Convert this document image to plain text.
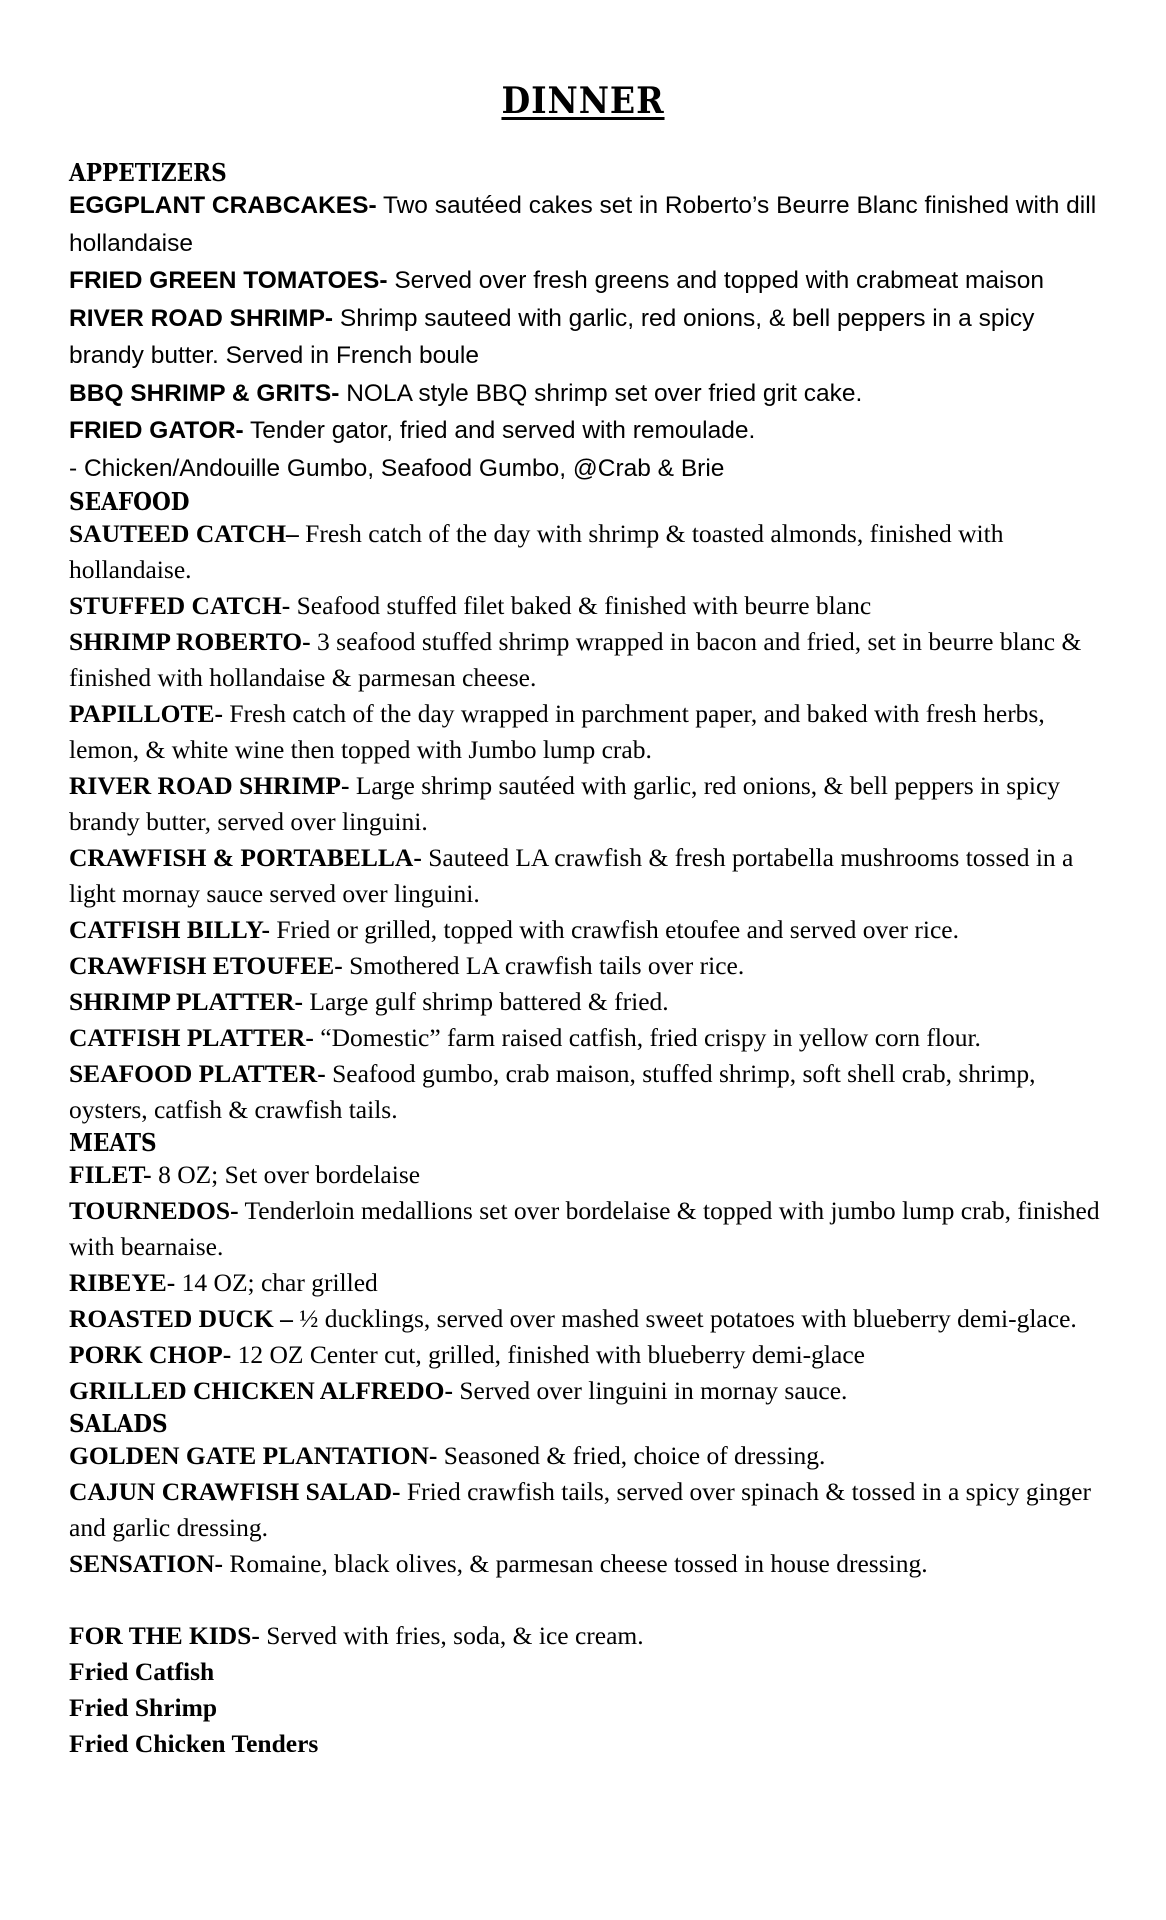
DINNER
APPETIZERS

EGGPLANT CRABCAKES- Two sautéed cakes set in Roberto’s Beurre Blanc finished with dill hollandaise

FRIED GREEN TOMATOES- Served over fresh greens and topped with crabmeat maison

RIVER ROAD SHRIMP- Shrimp sauteed with garlic, red onions, & bell peppers in a spicy brandy butter. Served in French boule

BBQ SHRIMP & GRITS- NOLA style BBQ shrimp set over fried grit cake.

FRIED GATOR- Tender gator, fried and served with remoulade.

- Chicken/Andouille Gumbo, Seafood Gumbo, @Crab & Brie

SEAFOOD

SAUTEED CATCH– Fresh catch of the day with shrimp & toasted almonds, finished with hollandaise.

STUFFED CATCH- Seafood stuffed filet baked & finished with beurre blanc

SHRIMP ROBERTO- 3 seafood stuffed shrimp wrapped in bacon and fried, set in beurre blanc & finished with hollandaise & parmesan cheese.

PAPILLOTE- Fresh catch of the day wrapped in parchment paper, and baked with fresh herbs, lemon, & white wine then topped with Jumbo lump crab.

RIVER ROAD SHRIMP- Large shrimp sautéed with garlic, red onions, & bell peppers in spicy brandy butter, served over linguini.

CRAWFISH & PORTABELLA- Sauteed LA crawfish & fresh portabella mushrooms tossed in a light mornay sauce served over linguini.

CATFISH BILLY- Fried or grilled, topped with crawfish etoufee and served over rice.

CRAWFISH ETOUFEE- Smothered LA crawfish tails over rice.

SHRIMP PLATTER- Large gulf shrimp battered & fried.

CATFISH PLATTER- “Domestic” farm raised catfish, fried crispy in yellow corn flour.

SEAFOOD PLATTER- Seafood gumbo, crab maison, stuffed shrimp, soft shell crab, shrimp, oysters, catfish & crawfish tails.

MEATS

FILET- 8 OZ; Set over bordelaise

TOURNEDOS- Tenderloin medallions set over bordelaise & topped with jumbo lump crab, finished with bearnaise.

RIBEYE- 14 OZ; char grilled

ROASTED DUCK – ½ ducklings, served over mashed sweet potatoes with blueberry demi-glace.

PORK CHOP- 12 OZ Center cut, grilled, finished with blueberry demi-glace

GRILLED CHICKEN ALFREDO- Served over linguini in mornay sauce.

SALADS

GOLDEN GATE PLANTATION- Seasoned & fried, choice of dressing.

CAJUN CRAWFISH SALAD- Fried crawfish tails, served over spinach & tossed in a spicy ginger and garlic dressing.

SENSATION- Romaine, black olives, & parmesan cheese tossed in house dressing.

FOR THE KIDS- Served with fries, soda, & ice cream.

Fried Catfish

Fried Shrimp

Fried Chicken Tenders
